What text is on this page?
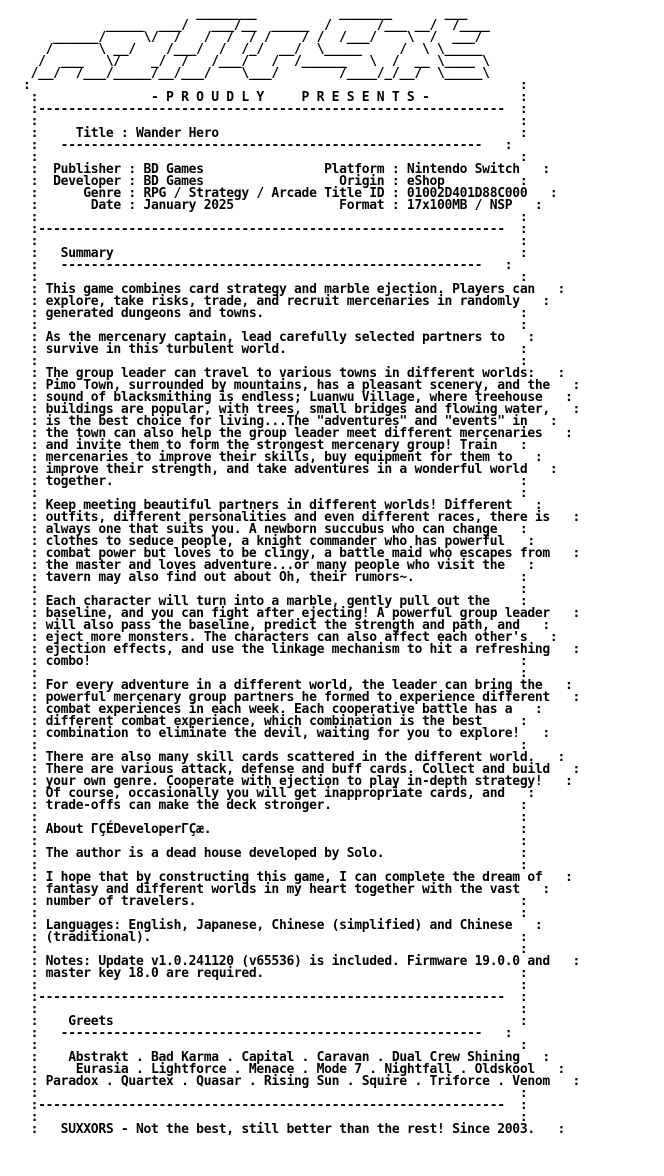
________           _______       ___
_____  ___/   ___/__  _____  /      /___ __/  /____
______/     \/  /   /  /  / /    / /  /___/    \  /  ___/
/      \ __/    /___/  /  /_/  __/  \_____     /  \ \_____
/  ___   \/    _/  /   /___/   /  /______   \  /  __ \____ \
/__/  /___/_____/__/___/    \___/        /____/_/__/  \_____\
:                                                                 :
:               - P R O U D L Y     P R E S E N T S -            :
:--------------------------------------------------------------  :
:                                                                :
:     Title : Wander Hero                                        :
:   --------------------------------------------------------   :
:                                                                :
:  Publisher : BD Games                Platform : Nintendo Switch   :
:  Developer : BD Games                  Origin : eShop          :
:      Genre : RPG / Strategy / Arcade Title ID : 01002D401D88C000   :
:       Date : January 2025              Format : 17x100MB / NSP   :
:                                                                :
:--------------------------------------------------------------  :
:                                                                :
:   Summary                                                      :
:   --------------------------------------------------------   :
:                                                                :
: This game combines card strategy and marble ejection. Players can   :
: explore, take risks, trade, and recruit mercenaries in randomly   :
: generated dungeons and towns.                                  :
:                                                                :
: As the mercenary captain, lead carefully selected partners to   :
: survive in this turbulent world.                               :
:                                                                :
: The group leader can travel to various towns in different worlds:   :
: Pimo Town, surrounded by mountains, has a pleasant scenery, and the   :
: sound of blacksmithing is endless; Luanwu Village, where treehouse   :
: buildings are popular, with trees, small bridges and flowing water,   :
: is the best choice for living...The "adventures" and "events" in   :
: the town can also help the group leader meet different mercenaries   :
: and invite them to form the strongest mercenary group! Train   :
: mercenaries to improve their skills, buy equipment for them to   :
: improve their strength, and take adventures in a wonderful world   :
: together.                                                      :
:                                                                :
: Keep meeting beautiful partners in different worlds! Different   :
: outfits, different personalities and even different races, there is   :
: always one that suits you. A newborn succubus who can change   :
: clothes to seduce people, a knight commander who has powerful   :
: combat power but loves to be clingy, a battle maid who escapes from   :
: the master and loves adventure...or many people who visit the   :
: tavern may also find out about Oh, their rumors~.              :
:                                                                :
: Each character will turn into a marble, gently pull out the    :
: baseline, and you can fight after ejecting! A powerful group leader   :
: will also pass the baseline, predict the strength and path, and   :
: eject more monsters. The characters can also affect each other's   :
: ejection effects, and use the linkage mechanism to hit a refreshing   :
: combo!                                                         :
:                                                                :
: For every adventure in a different world, the leader can bring the   :
: powerful mercenary group partners he formed to experience different   :
: combat experiences in each week. Each cooperative battle has a   :
: different combat experience, which combination is the best     :
: combination to eliminate the devil, waiting for you to explore!   :
:                                                                :
: There are also many skill cards scattered in the different world.   :
: There are various attack, defense and buff cards. Collect and build   :
: your own genre. Cooperate with ejection to play in-depth strategy!   :
: Of course, occasionally you will get inappropriate cards, and   :
: trade-offs can make the deck stronger.                         :
:                                                                :
: About ΓÇÉDeveloperΓÇæ.                                         :
:                                                                :
: The author is a dead house developed by Solo.                  :
:                                                                :
: I hope that by constructing this game, I can complete the dream of   :
: fantasy and different worlds in my heart together with the vast   :
: number of travelers.                                           :
:                                                                :
: Languages: English, Japanese, Chinese (simplified) and Chinese   :
: (traditional).                                                 :
:                                                                :
: Notes: Update v1.0.241120 (v65536) is included. Firmware 19.0.0 and   :
: master key 18.0 are required.                                  :
:                                                                :
:--------------------------------------------------------------  :
:                                                                :
:    Greets                                                      :
:   --------------------------------------------------------   :
:                                                                :
:    Abstrakt . Bad Karma . Capital . Caravan . Dual Crew Shining   :
:     Eurasia . Lightforce . Menace . Mode 7 . Nightfall . Oldskool   :
: Paradox . Quartex . Quasar . Rising Sun . Squire . Triforce . Venom   :
:                                                                :
:--------------------------------------------------------------  :
:                                                                :
:   SUXXORS - Not the best, still better than the rest! Since 2003.   :
